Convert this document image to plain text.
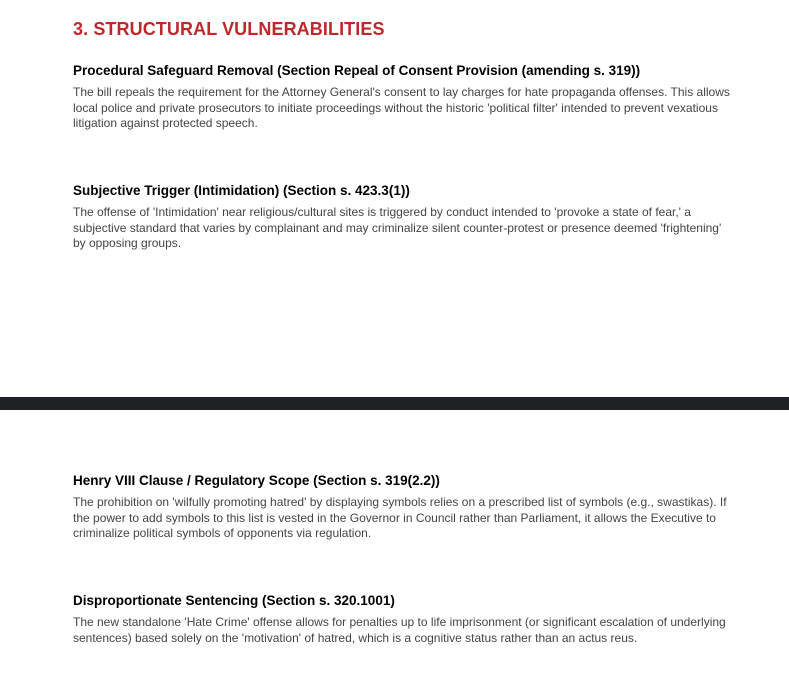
3. STRUCTURAL VULNERABILITIES
Procedural Safeguard Removal (Section Repeal of Consent Provision (amending s. 319))

The bill repeals the requirement for the Attorney General's consent to lay charges for hate propaganda offenses. This allows local police and private prosecutors to initiate proceedings without the historic 'political filter' intended to prevent vexatious litigation against protected speech.

Subjective Trigger (Intimidation) (Section s. 423.3(1))

The offense of 'Intimidation' near religious/cultural sites is triggered by conduct intended to 'provoke a state of fear,' a subjective standard that varies by complainant and may criminalize silent counter-protest or presence deemed 'frightening' by opposing groups.

Henry VIII Clause / Regulatory Scope (Section s. 319(2.2))

The prohibition on 'wilfully promoting hatred' by displaying symbols relies on a prescribed list of symbols (e.g., swastikas). If the power to add symbols to this list is vested in the Governor in Council rather than Parliament, it allows the Executive to criminalize political symbols of opponents via regulation.

Disproportionate Sentencing (Section s. 320.1001)

The new standalone 'Hate Crime' offense allows for penalties up to life imprisonment (or significant escalation of underlying sentences) based solely on the 'motivation' of hatred, which is a cognitive status rather than an actus reus.
